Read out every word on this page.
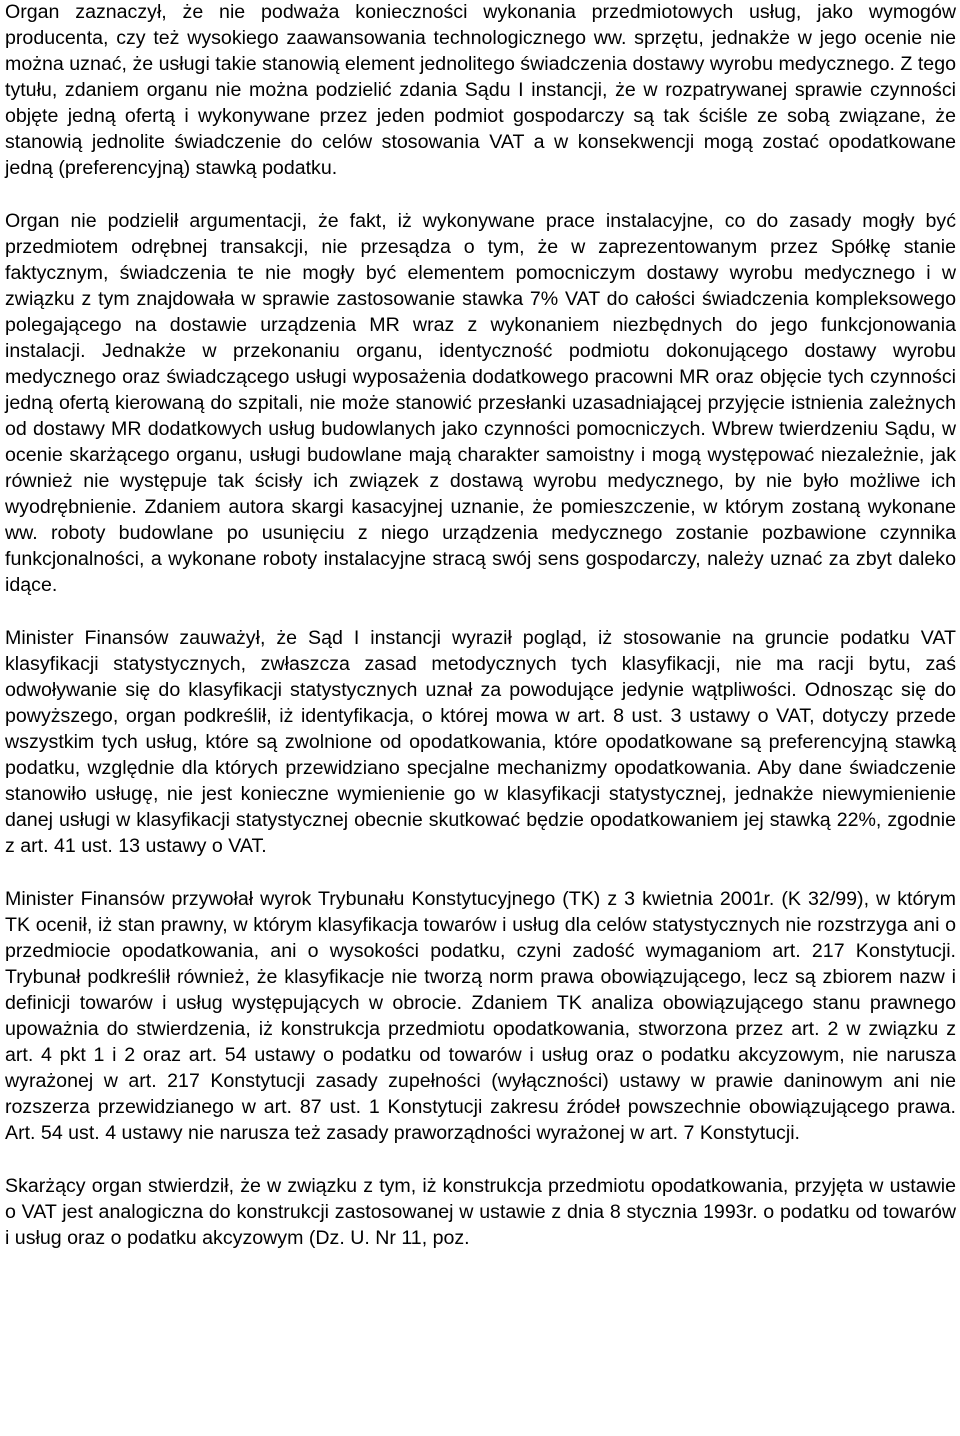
Organ zaznaczył, że nie podważa konieczności wykonania przedmiotowych usług, jako wymogów producenta, czy też wysokiego zaawansowania technologicznego ww. sprzętu, jednakże w jego ocenie nie można uznać, że usługi takie stanowią element jednolitego świadczenia dostawy wyrobu medycznego. Z tego tytułu, zdaniem organu nie można podzielić zdania Sądu I instancji, że w rozpatrywanej sprawie czynności objęte jedną ofertą i wykonywane przez jeden podmiot gospodarczy są tak ściśle ze sobą związane, że stanowią jednolite świadczenie do celów stosowania VAT a w konsekwencji mogą zostać opodatkowane jedną (preferencyjną) stawką podatku.

Organ nie podzielił argumentacji, że fakt, iż wykonywane prace instalacyjne, co do zasady mogły być przedmiotem odrębnej transakcji, nie przesądza o tym, że w zaprezentowanym przez Spółkę stanie faktycznym, świadczenia te nie mogły być elementem pomocniczym dostawy wyrobu medycznego i w związku z tym znajdowała w sprawie zastosowanie stawka 7% VAT do całości świadczenia kompleksowego polegającego na dostawie urządzenia MR wraz z wykonaniem niezbędnych do jego funkcjonowania instalacji. Jednakże w przekonaniu organu, identyczność podmiotu dokonującego dostawy wyrobu medycznego oraz świadczącego usługi wyposażenia dodatkowego pracowni MR oraz objęcie tych czynności jedną ofertą kierowaną do szpitali, nie może stanowić przesłanki uzasadniającej przyjęcie istnienia zależnych od dostawy MR dodatkowych usług budowlanych jako czynności pomocniczych. Wbrew twierdzeniu Sądu, w ocenie skarżącego organu, usługi budowlane mają charakter samoistny i mogą występować niezależnie, jak również nie występuje tak ścisły ich związek z dostawą wyrobu medycznego, by nie było możliwe ich wyodrębnienie. Zdaniem autora skargi kasacyjnej uznanie, że pomieszczenie, w którym zostaną wykonane ww. roboty budowlane po usunięciu z niego urządzenia medycznego zostanie pozbawione czynnika funkcjonalności, a wykonane roboty instalacyjne stracą swój sens gospodarczy, należy uznać za zbyt daleko idące.

Minister Finansów zauważył, że Sąd I instancji wyraził pogląd, iż stosowanie na gruncie podatku VAT klasyfikacji statystycznych, zwłaszcza zasad metodycznych tych klasyfikacji, nie ma racji bytu, zaś odwoływanie się do klasyfikacji statystycznych uznał za powodujące jedynie wątpliwości. Odnosząc się do powyższego, organ podkreślił, iż identyfikacja, o której mowa w art. 8 ust. 3 ustawy o VAT, dotyczy przede wszystkim tych usług, które są zwolnione od opodatkowania, które opodatkowane są preferencyjną stawką podatku, względnie dla których przewidziano specjalne mechanizmy opodatkowania. Aby dane świadczenie stanowiło usługę, nie jest konieczne wymienienie go w klasyfikacji statystycznej, jednakże niewymienienie danej usługi w klasyfikacji statystycznej obecnie skutkować będzie opodatkowaniem jej stawką 22%, zgodnie z art. 41 ust. 13 ustawy o VAT.

Minister Finansów przywołał wyrok Trybunału Konstytucyjnego (TK) z 3 kwietnia 2001r. (K 32/99), w którym TK ocenił, iż stan prawny, w którym klasyfikacja towarów i usług dla celów statystycznych nie rozstrzyga ani o przedmiocie opodatkowania, ani o wysokości podatku, czyni zadość wymaganiom art. 217 Konstytucji. Trybunał podkreślił również, że klasyfikacje nie tworzą norm prawa obowiązującego, lecz są zbiorem nazw i definicji towarów i usług występujących w obrocie. Zdaniem TK analiza obowiązującego stanu prawnego upoważnia do stwierdzenia, iż konstrukcja przedmiotu opodatkowania, stworzona przez art. 2 w związku z art. 4 pkt 1 i 2 oraz art. 54 ustawy o podatku od towarów i usług oraz o podatku akcyzowym, nie narusza wyrażonej w art. 217 Konstytucji zasady zupełności (wyłączności) ustawy w prawie daninowym ani nie rozszerza przewidzianego w art. 87 ust. 1 Konstytucji zakresu źródeł powszechnie obowiązującego prawa. Art. 54 ust. 4 ustawy nie narusza też zasady praworządności wyrażonej w art. 7 Konstytucji.

Skarżący organ stwierdził, że w związku z tym, iż konstrukcja przedmiotu opodatkowania, przyjęta w ustawie o VAT jest analogiczna do konstrukcji zastosowanej w ustawie z dnia 8 stycznia 1993r. o podatku od towarów i usług oraz o podatku akcyzowym (Dz. U. Nr 11, poz.
